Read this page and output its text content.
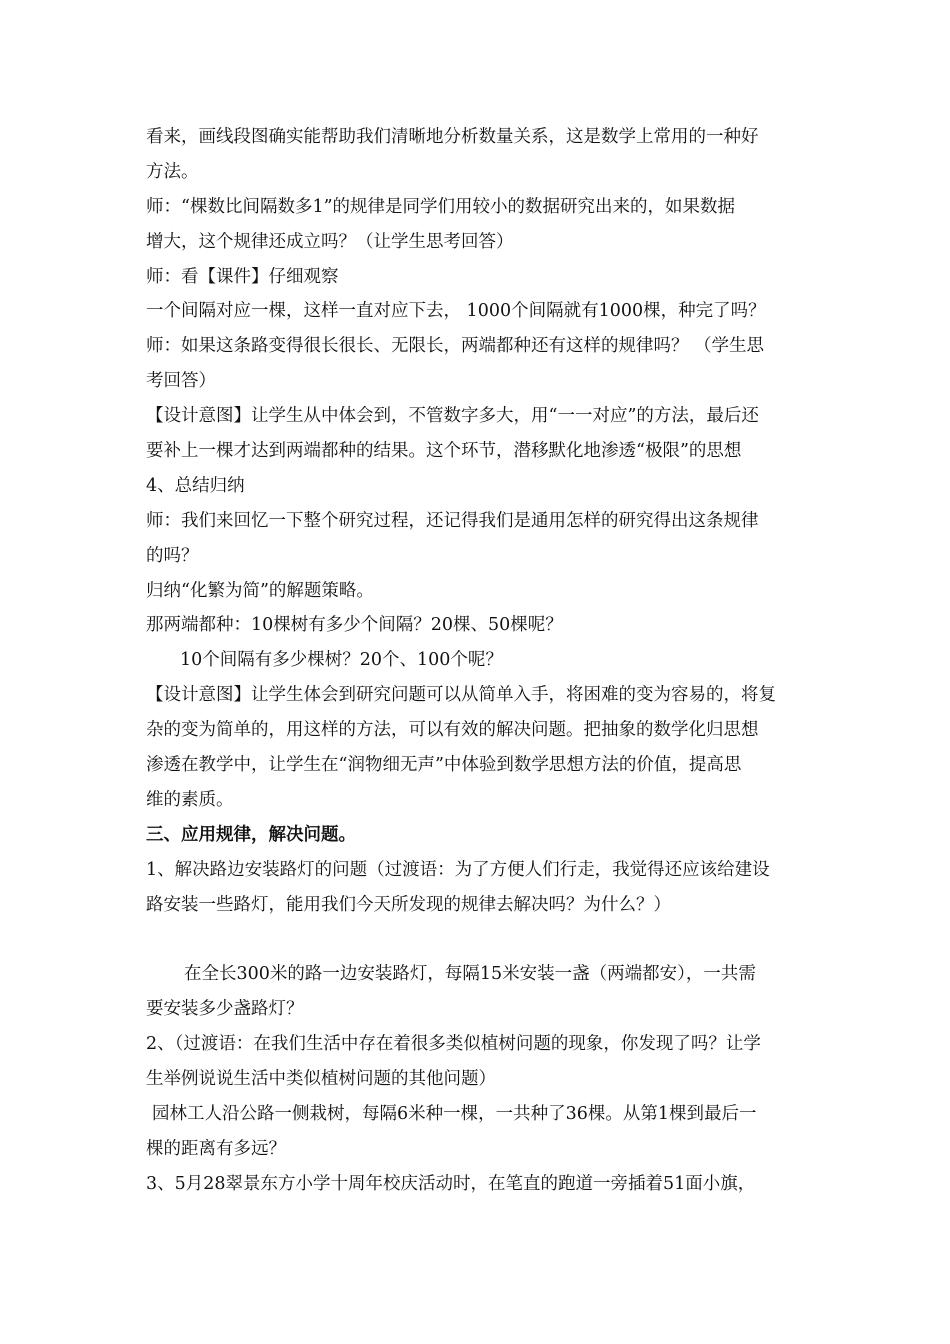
看来，画线段图确实能帮助我们清晰地分析数量关系，这是数学上常用的一种好
方法。
师：“棵数比间隔数多1”的规律是同学们用较小的数据研究出来的，如果数据
增大，这个规律还成立吗？（让学生思考回答）
师：看【课件】仔细观察
一个间隔对应一棵，这样一直对应下去， 1000个间隔就有1000棵，种完了吗？
师：如果这条路变得很长很长、无限长，两端都种还有这样的规律吗？ （学生思
考回答）
【设计意图】让学生从中体会到，不管数字多大，用“一一对应”的方法，最后还
要补上一棵才达到两端都种的结果。这个环节，潜移默化地渗透“极限”的思想
4、总结归纳
师：我们来回忆一下整个研究过程，还记得我们是通用怎样的研究得出这条规律
的吗？
归纳“化繁为简”的解题策略。
那两端都种：10棵树有多少个间隔？20棵、50棵呢？
10个间隔有多少棵树？20个、100个呢？
【设计意图】让学生体会到研究问题可以从简单入手，将困难的变为容易的，将复
杂的变为简单的，用这样的方法，可以有效的解决问题。把抽象的数学化归思想
渗透在教学中，让学生在“润物细无声”中体验到数学思想方法的价值，提高思
维的素质。
三、应用规律，解决问题。
1、解决路边安装路灯的问题（过渡语：为了方便人们行走，我觉得还应该给建设
路安装一些路灯，能用我们今天所发现的规律去解决吗？为什么？）
在全长300米的路一边安装路灯，每隔15米安装一盏（两端都安），一共需
要安装多少盏路灯？
2、（过渡语：在我们生活中存在着很多类似植树问题的现象，你发现了吗？让学
生举例说说生活中类似植树问题的其他问题）
园林工人沿公路一侧栽树，每隔6米种一棵，一共种了36棵。从第1棵到最后一
棵的距离有多远？
3、5月28翠景东方小学十周年校庆活动时，在笔直的跑道一旁插着51面小旗，
